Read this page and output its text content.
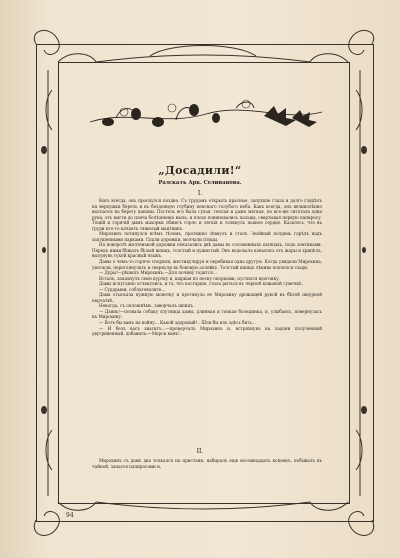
„Досадили!“
Разсказъ Арк. Селиванова.
I.

Кись всегда, онъ проснулся поздно. Съ трудомъ открылъ красные, запухшіе глаза и долго глядѣлъ на верхушки березъ и въ бездонную глубину неяснаго голубого неба. Какъ всегда, онъ великолѣпно выспался на берегу канавы. Постель его была сухая, теплая и даже мягкая, но все-же сигатала одна рука, отъ кисти до плеча болѣзненно ныла, и плохо повиновались пальцы, свертывая первую папиросу. Тощій и горячій дымъ махорки обжегъ горло и легкія и толкнулъ пьяное сердце. Казалось, что въ груди кто-то качаетъ тяжелый маятникъ.

Мирохинъ потянулся всѣмъ тѣломъ, протяжно зѣвнулъ и сталъ. Знойный полдень горѣлъ надъ запущенными парками. Спали дорожки, молчали птицы.

На поворотѣ желтенькой дорожки показались двѣ дамы въ соломенныхъ шляпахъ, подъ зонтиками. Передъ ними бѣжалъ бѣлый шпицъ, толстый и пушистый. Онъ водолылъ ковылясь отъ жары и хрипѣлъ, высунувъ сухой красный языкъ.

Дамы о чемъ-то горячо спорили, жестикулируя и перебивая одна другую. Когда увидали Мирохина, умолкли, переглянулись и свернули въ боковую аллейку. Толстый шпицъ лѣниво поплелся сзади.

— Дуры!—рѣшилъ Мирохинъ.—Для почину годится...

Всталъ, запахнулъ свою куртку и, шаркая по песку опорками, пустился вдогонку.

Дамы испуганно оглянулись, и та, что постарше, стала рыться въ черной кожаной сумочкѣ.

— Сударыни, соблаговолите...

Дама отыскала нужную монетку и протянула ее Мирохину дрожащей рукой въ бѣлой шнурной перчаткѣ.

Некогда, съ оплошнѣмъ, заворчалъ шпицъ.

— Дзинь!—позвала собаку спутница дамы, длинная и тонкая блондинка, и, улыбаясь, повернулась къ Мирохину.

— Вотъ-бы вамъ на войну... Какой здоровый!.. Шли-бы изъ здѣсь бить...

— И безъ васъ хватитъ...—проворчалъ Мирохинъ и, встряхнувъ на ладони полученный двугривенный, добавилъ:—Мерси вамъ!..

II.

Мирохинъ съ дамъ два толкался на пристани, набиралъ еще восемнадцать копеекъ, побывалъ въ чайной, запасся папиросами и,

94
